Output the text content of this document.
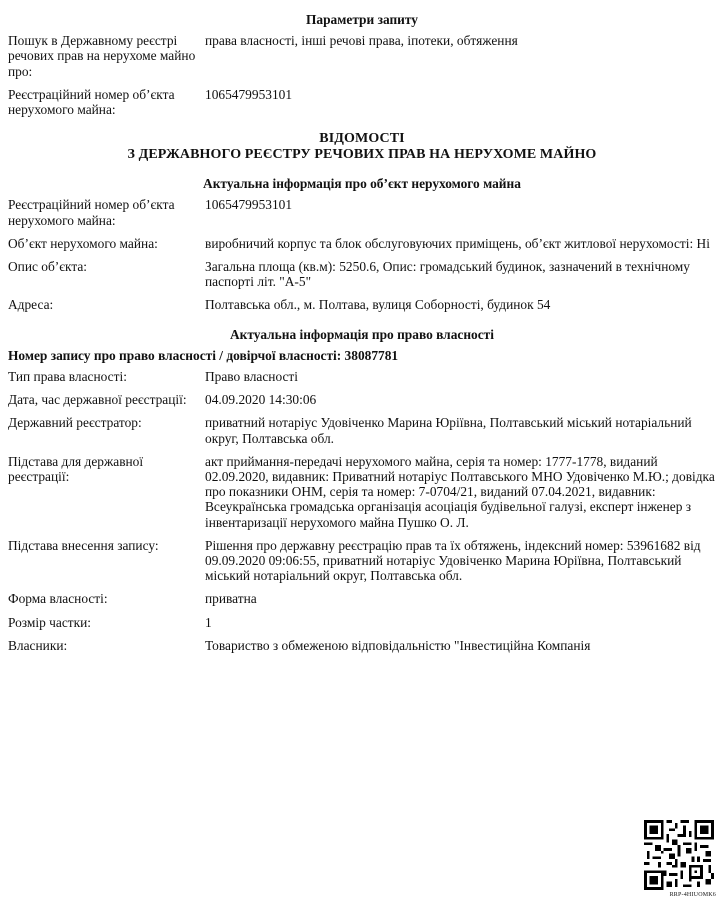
Параметри запиту
Пошук в Державному реєстрі речових прав на нерухоме майно про:
права власності, інші речові права, іпотеки, обтяження
Реєстраційний номер об’єкта нерухомого майна:
1065479953101
ВІДОМОСТІ
З ДЕРЖАВНОГО РЕЄСТРУ РЕЧОВИХ ПРАВ НА НЕРУХОМЕ МАЙНО
Актуальна інформація про об’єкт нерухомого майна
Реєстраційний номер об’єкта нерухомого майна:
1065479953101
Об’єкт нерухомого майна:	виробничий корпус та блок обслуговуючих приміщень, об’єкт житлової нерухомості: Ні
Опис об’єкта:	Загальна площа (кв.м): 5250.6, Опис: громадський будинок, зазначений в технічному паспорті літ. "А-5"
Адреса:	Полтавська обл., м. Полтава, вулиця Соборності, будинок 54
Актуальна інформація про право власності
Номер запису про право власності / довірчої власності: 38087781
Тип права власності:	Право власності
Дата, час державної реєстрації:	04.09.2020 14:30:06
Державний реєстратор:	приватний нотаріус Удовіченко Марина Юріївна, Полтавський міський нотаріальний округ, Полтавська обл.
Підстава для державної реєстрації:
акт приймання-передачі нерухомого майна, серія та номер: 1777-1778, виданий 02.09.2020, видавник: Приватний нотаріус Полтавського МНО Удовіченко М.Ю.; довідка про показники ОНМ, серія та номер: 7-0704/21, виданий 07.04.2021, видавник: Всеукраїнська громадська організація асоціація будівельної галузі, експерт інженер з інвентаризації нерухомого майна Пушко О. Л.
Підстава внесення запису:	Рішення про державну реєстрацію прав та їх обтяжень, індексний номер: 53961682 від 09.09.2020 09:06:55, приватний нотаріус Удовіченко Марина Юріївна, Полтавський міський нотаріальний округ, Полтавська обл.
Форма власності:	приватна
Розмір частки:	1
Власники:	Товариство з обмеженою відповідальністю "Інвестиційна Компанія
RRP-4HIUOMK6
